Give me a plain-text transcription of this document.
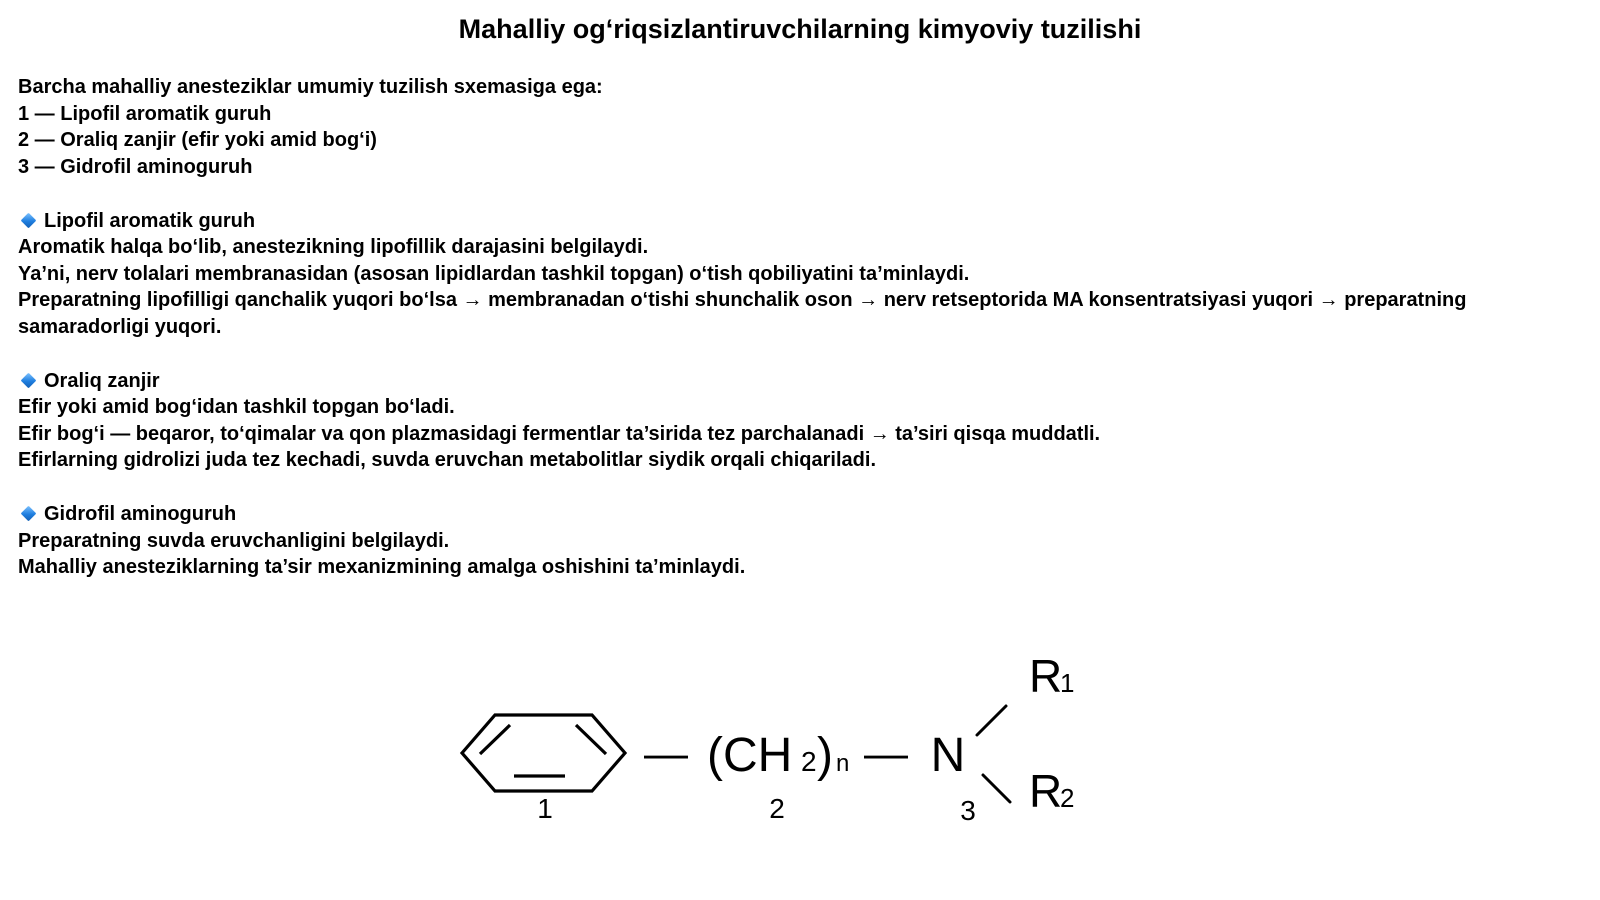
Mahalliy og‘riqsizlantiruvchilarning kimyoviy tuzilishi
Barcha mahalliy anesteziklar umumiy tuzilish sxemasiga ega:
1 — Lipofil aromatik guruh
2 — Oraliq zanjir (efir yoki amid bog‘i)
3 — Gidrofil aminoguruh
Lipofil aromatik guruh
Aromatik halqa bo‘lib, anestezikning lipofillik darajasini belgilaydi.
Ya’ni, nerv tolalari membranasidan (asosan lipidlardan tashkil topgan) o‘tish qobiliyatini ta’minlaydi.
Preparatning lipofilligi qanchalik yuqori bo‘lsa → membranadan o‘tishi shunchalik oson → nerv retseptorida MA konsentratsiyasi yuqori → preparatning samaradorligi yuqori.
Oraliq zanjir
Efir yoki amid bog‘idan tashkil topgan bo‘ladi.
Efir bog‘i — beqaror, to‘qimalar va qon plazmasidagi fermentlar ta’sirida tez parchalanadi → ta’siri qisqa muddatli.
Efirlarning gidrolizi juda tez kechadi, suvda eruvchan metabolitlar siydik orqali chiqariladi.
Gidrofil aminoguruh
Preparatning suvda eruvchanligini belgilaydi.
Mahalliy anesteziklarning ta’sir mexanizmining amalga oshishini ta’minlaydi.
— (CH 2 ) n — N
R
1
R
2
1	2	3
